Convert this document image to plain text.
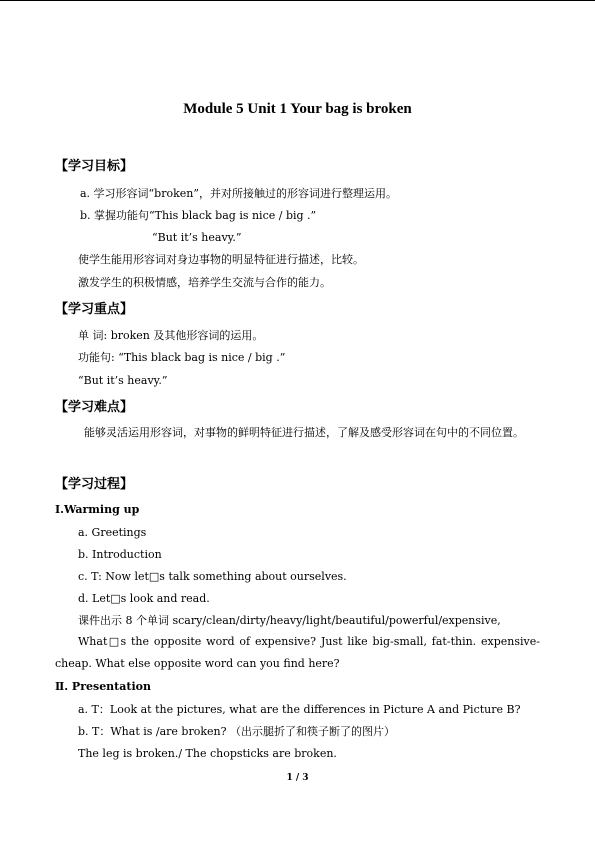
Module 5 Unit 1 Your bag is broken
【学习目标】
a. 学习形容词“broken”，并对所接触过的形容词进行整理运用。
b. 掌握功能句“This black bag is nice / big .”
“But it’s heavy.”
使学生能用形容词对身边事物的明显特征进行描述，比较。
激发学生的积极情感，培养学生交流与合作的能力。
【学习重点】
单 词: broken 及其他形容词的运用。
功能句: “This black bag is nice / big .”
“But it’s heavy.”
【学习难点】
能够灵活运用形容词，对事物的鲜明特征进行描述，了解及感受形容词在句中的不同位置。
【学习过程】
Ⅰ.Warming up
a. Greetings
b. Introduction
c. T: Now let□s talk something about ourselves.
d. Let□s look and read.
课件出示 8 个单词 scary/clean/dirty/heavy/light/beautiful/powerful/expensive,
What□s the opposite word of expensive? Just like big-small, fat-thin. expensive-cheap. What else opposite word can you find here?
Ⅱ. Presentation
a. T：Look at the pictures, what are the differences in Picture A and Picture B?
b. T：What is /are broken? （出示腿折了和筷子断了的图片）
The leg is broken./ The chopsticks are broken.
1 / 3
